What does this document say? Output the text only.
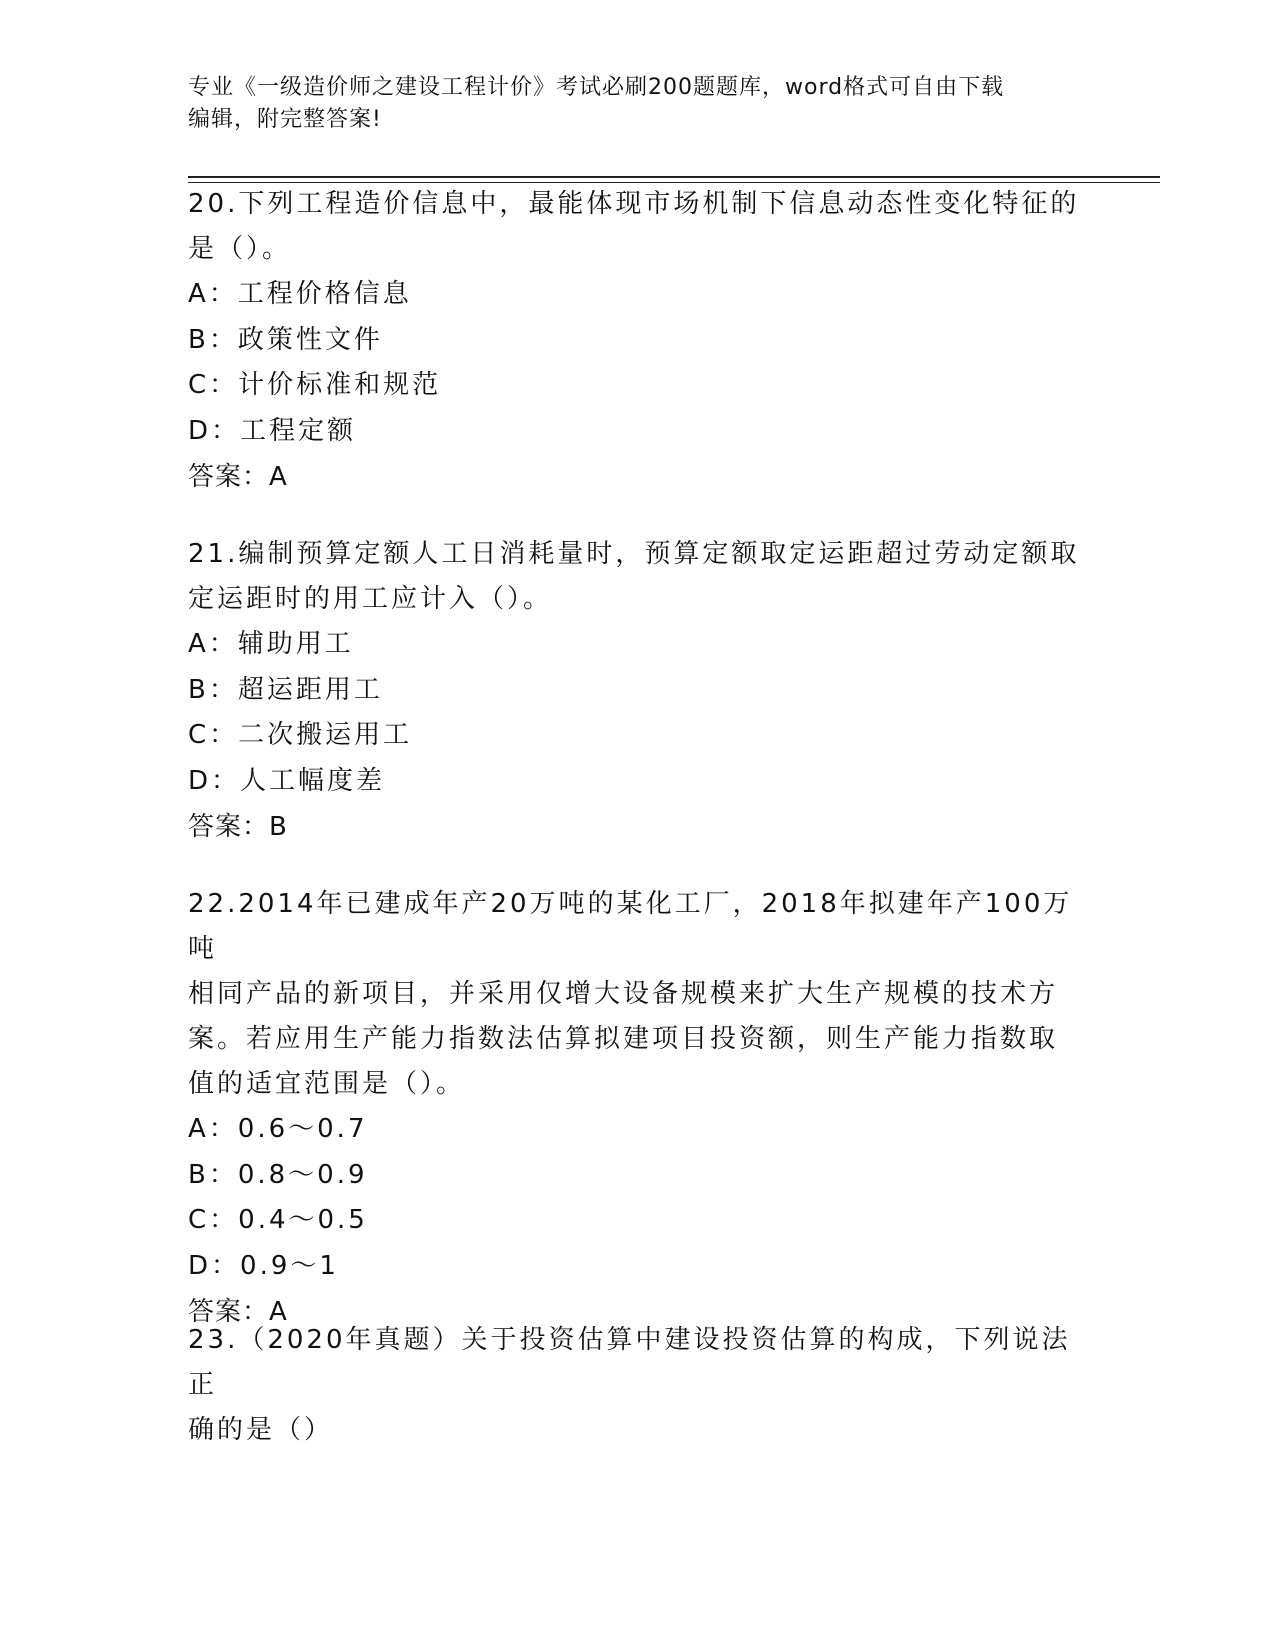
专业《一级造价师之建设工程计价》考试必刷200题题库，word格式可自由下载
编辑，附完整答案!
20.下列工程造价信息中，最能体现市场机制下信息动态性变化特征的
是（）。
A：工程价格信息
B：政策性文件
C：计价标准和规范
D：工程定额
答案：A
21.编制预算定额人工日消耗量时，预算定额取定运距超过劳动定额取
定运距时的用工应计入（）。
A：辅助用工
B：超运距用工
C：二次搬运用工
D：人工幅度差
答案：B
22.2014年已建成年产20万吨的某化工厂，2018年拟建年产100万吨
相同产品的新项目，并采用仅增大设备规模来扩大生产规模的技术方
案。若应用生产能力指数法估算拟建项目投资额，则生产能力指数取
值的适宜范围是（）。
A：0.6～0.7
B：0.8～0.9
C：0.4～0.5
D：0.9～1
答案：A
23.（2020年真题）关于投资估算中建设投资估算的构成，下列说法正
确的是（）
